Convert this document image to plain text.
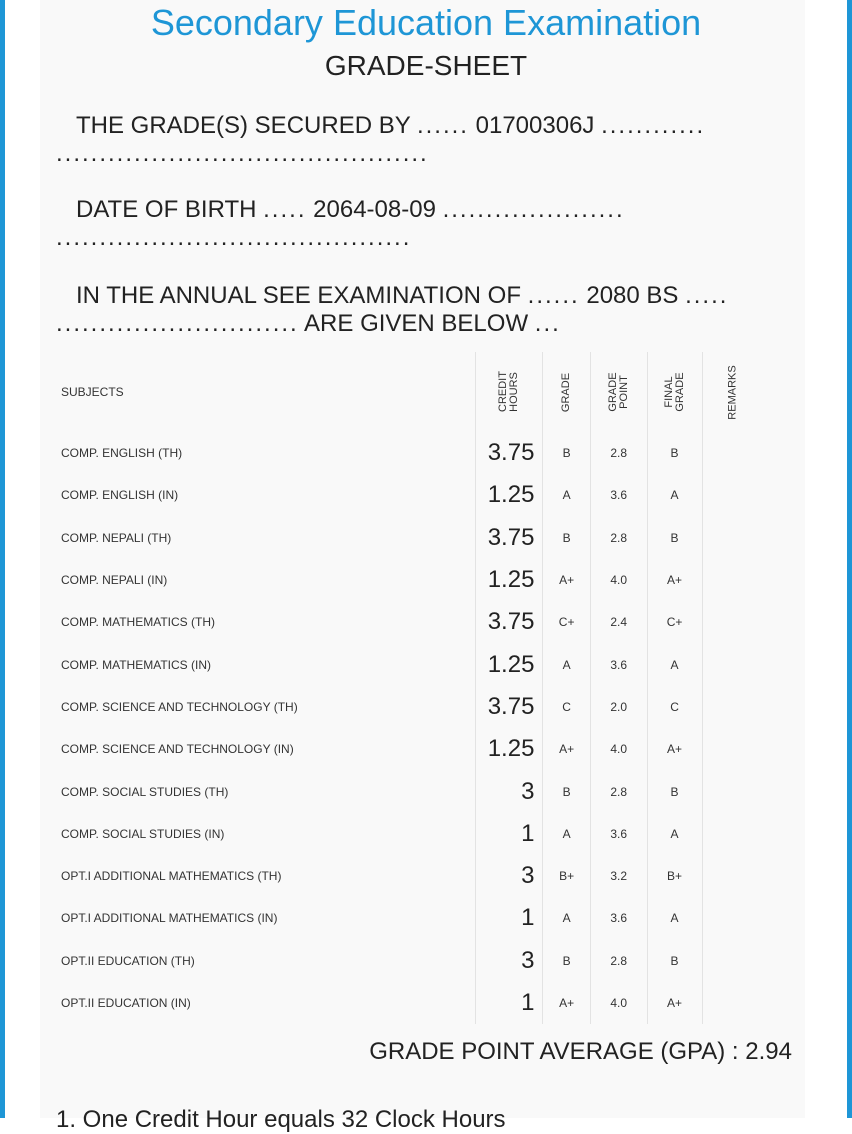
Secondary Education Examination
GRADE-SHEET
THE GRADE(S) SECURED BY ...... 01700306J ............
...........................................
DATE OF BIRTH ..... 2064-08-09 .....................
.........................................
IN THE ANNUAL SEE EXAMINATION OF ...... 2080 BS .....
............................ ARE GIVEN BELOW ...
SUBJECTS	CREDIT HOURS	GRADE	GRADE POINT	FINAL GRADE	REMARKS
COMP. ENGLISH (TH)	3.75	B	2.8	B	
COMP. ENGLISH (IN)	1.25	A	3.6	A	
COMP. NEPALI (TH)	3.75	B	2.8	B	
COMP. NEPALI (IN)	1.25	A+	4.0	A+	
COMP. MATHEMATICS (TH)	3.75	C+	2.4	C+	
COMP. MATHEMATICS (IN)	1.25	A	3.6	A	
COMP. SCIENCE AND TECHNOLOGY (TH)	3.75	C	2.0	C	
COMP. SCIENCE AND TECHNOLOGY (IN)	1.25	A+	4.0	A+	
COMP. SOCIAL STUDIES (TH)	3	B	2.8	B	
COMP. SOCIAL STUDIES (IN)	1	A	3.6	A	
OPT.I ADDITIONAL MATHEMATICS (TH)	3	B+	3.2	B+	
OPT.I ADDITIONAL MATHEMATICS (IN)	1	A	3.6	A	
OPT.II EDUCATION (TH)	3	B	2.8	B	
OPT.II EDUCATION (IN)	1	A+	4.0	A+	
GRADE POINT AVERAGE (GPA) : 2.94
1. One Credit Hour equals 32 Clock Hours
